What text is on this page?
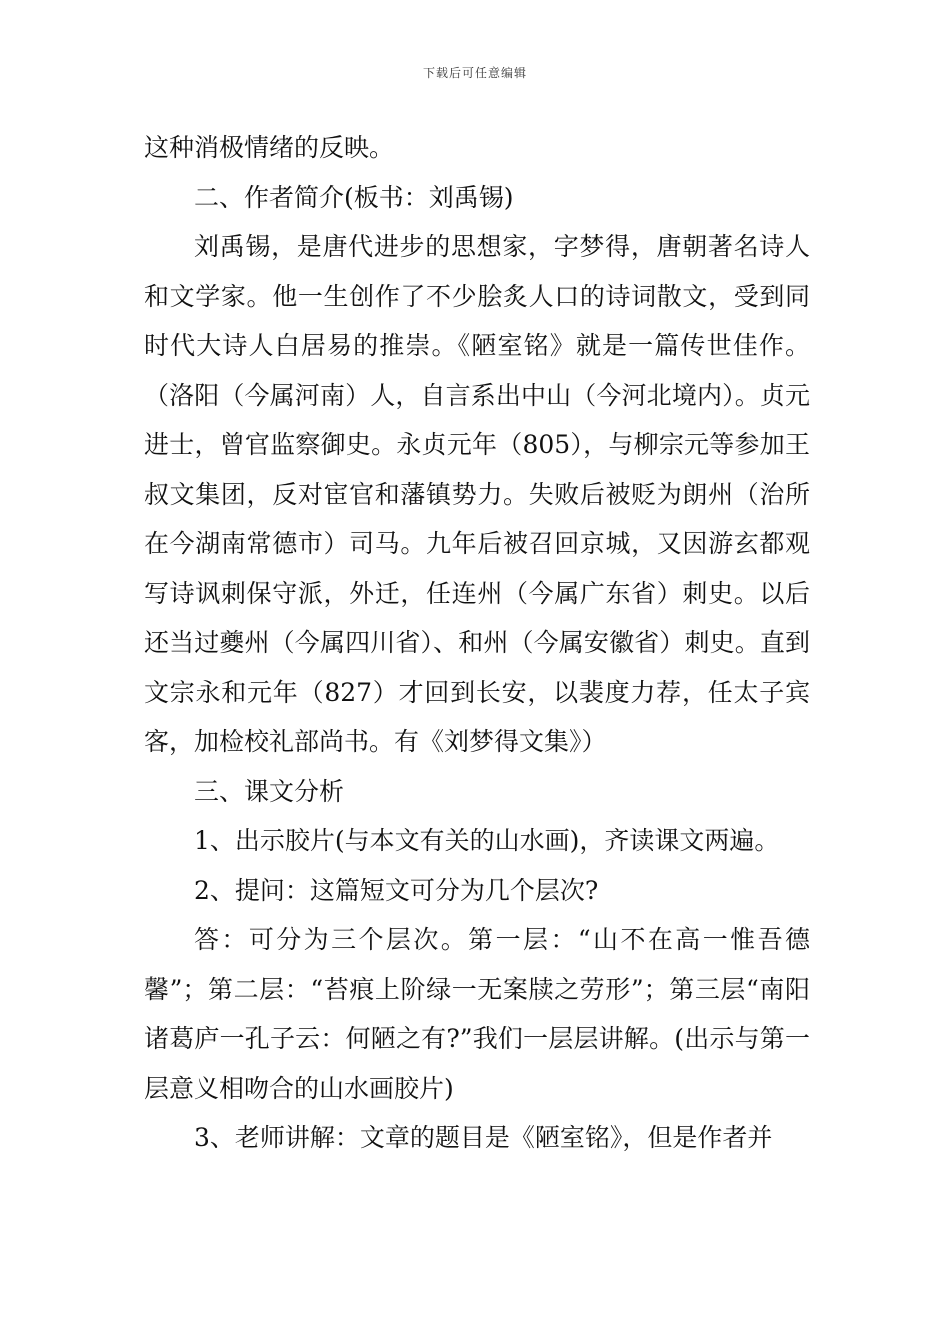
下载后可任意编辑

这种消极情绪的反映。

二、作者简介(板书：刘禹锡)

刘禹锡，是唐代进步的思想家，字梦得，唐朝著名诗人和文学家。他一生创作了不少脍炙人口的诗词散文，受到同时代大诗人白居易的推崇。《陋室铭》就是一篇传世佳作。（洛阳（今属河南）人，自言系出中山（今河北境内）。贞元进士，曾官监察御史。永贞元年（805），与柳宗元等参加王叔文集团，反对宦官和藩镇势力。失败后被贬为朗州（治所在今湖南常德市）司马。九年后被召回京城，又因游玄都观写诗讽刺保守派，外迁，任连州（今属广东省）刺史。以后还当过夔州（今属四川省）、和州（今属安徽省）刺史。直到文宗永和元年（827）才回到长安，以裴度力荐，任太子宾客，加检校礼部尚书。有《刘梦得文集》）

三、课文分析

1、出示胶片(与本文有关的山水画)，齐读课文两遍。

2、提问：这篇短文可分为几个层次?

答：可分为三个层次。第一层：“山不在高一惟吾德馨”；第二层：“苔痕上阶绿一无案牍之劳形”；第三层“南阳诸葛庐一孔子云：何陋之有?”我们一层层讲解。(出示与第一层意义相吻合的山水画胶片)

3、老师讲解：文章的题目是《陋室铭》，但是作者并
